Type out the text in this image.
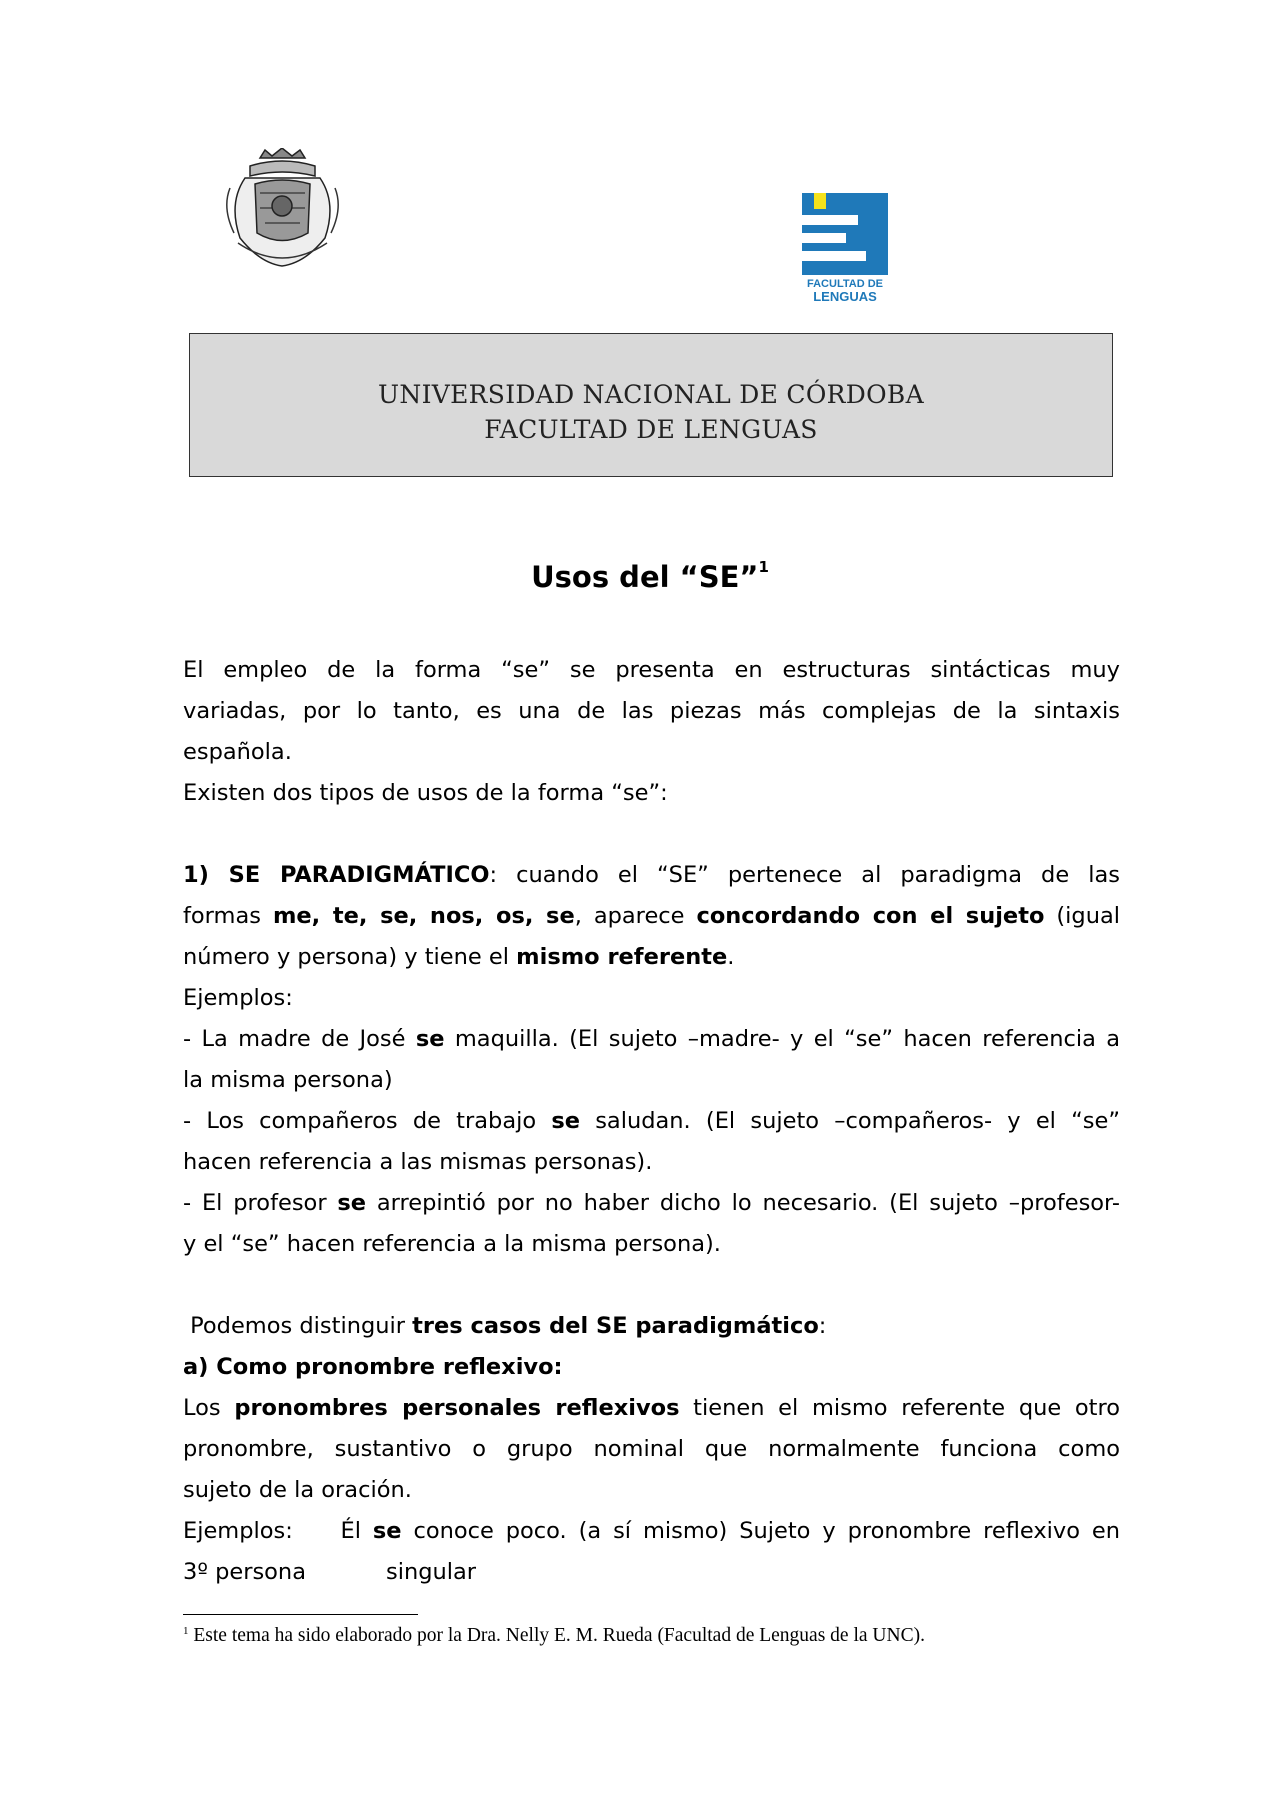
FACULTAD DE
LENGUAS
UNIVERSIDAD NACIONAL DE CÓRDOBA
FACULTAD DE LENGUAS
Usos del “SE”$^1$
El empleo de la forma “se” se presenta en estructuras sintácticas muy
variadas, por lo tanto, es una de las piezas más complejas de la sintaxis
española.
Existen dos tipos de usos de la forma “se”:
1) SE PARADIGMÁTICO: cuando el “SE” pertenece al paradigma de las
formas me, te, se, nos, os, se, aparece concordando con el sujeto (igual
número y persona) y tiene el mismo referente.
Ejemplos:
- La madre de José se maquilla. (El sujeto –madre- y el “se” hacen referencia a
la misma persona)
- Los compañeros de trabajo se saludan. (El sujeto –compañeros- y el “se”
hacen referencia a las mismas personas).
- El profesor se arrepintió por no haber dicho lo necesario. (El sujeto –profesor-
y el “se” hacen referencia a la misma persona).
Podemos distinguir tres casos del SE paradigmático:
a) Como pronombre reflexivo:
Los pronombres personales reflexivos tienen el mismo referente que otro
pronombre, sustantivo o grupo nominal que normalmente funciona como
sujeto de la oración.
Ejemplos:    Él se conoce poco. (a sí mismo) Sujeto y pronombre reflexivo en
3º persona	singular
$^1$ Este tema ha sido elaborado por la Dra. Nelly E. M. Rueda (Facultad de Lenguas de la UNC).
